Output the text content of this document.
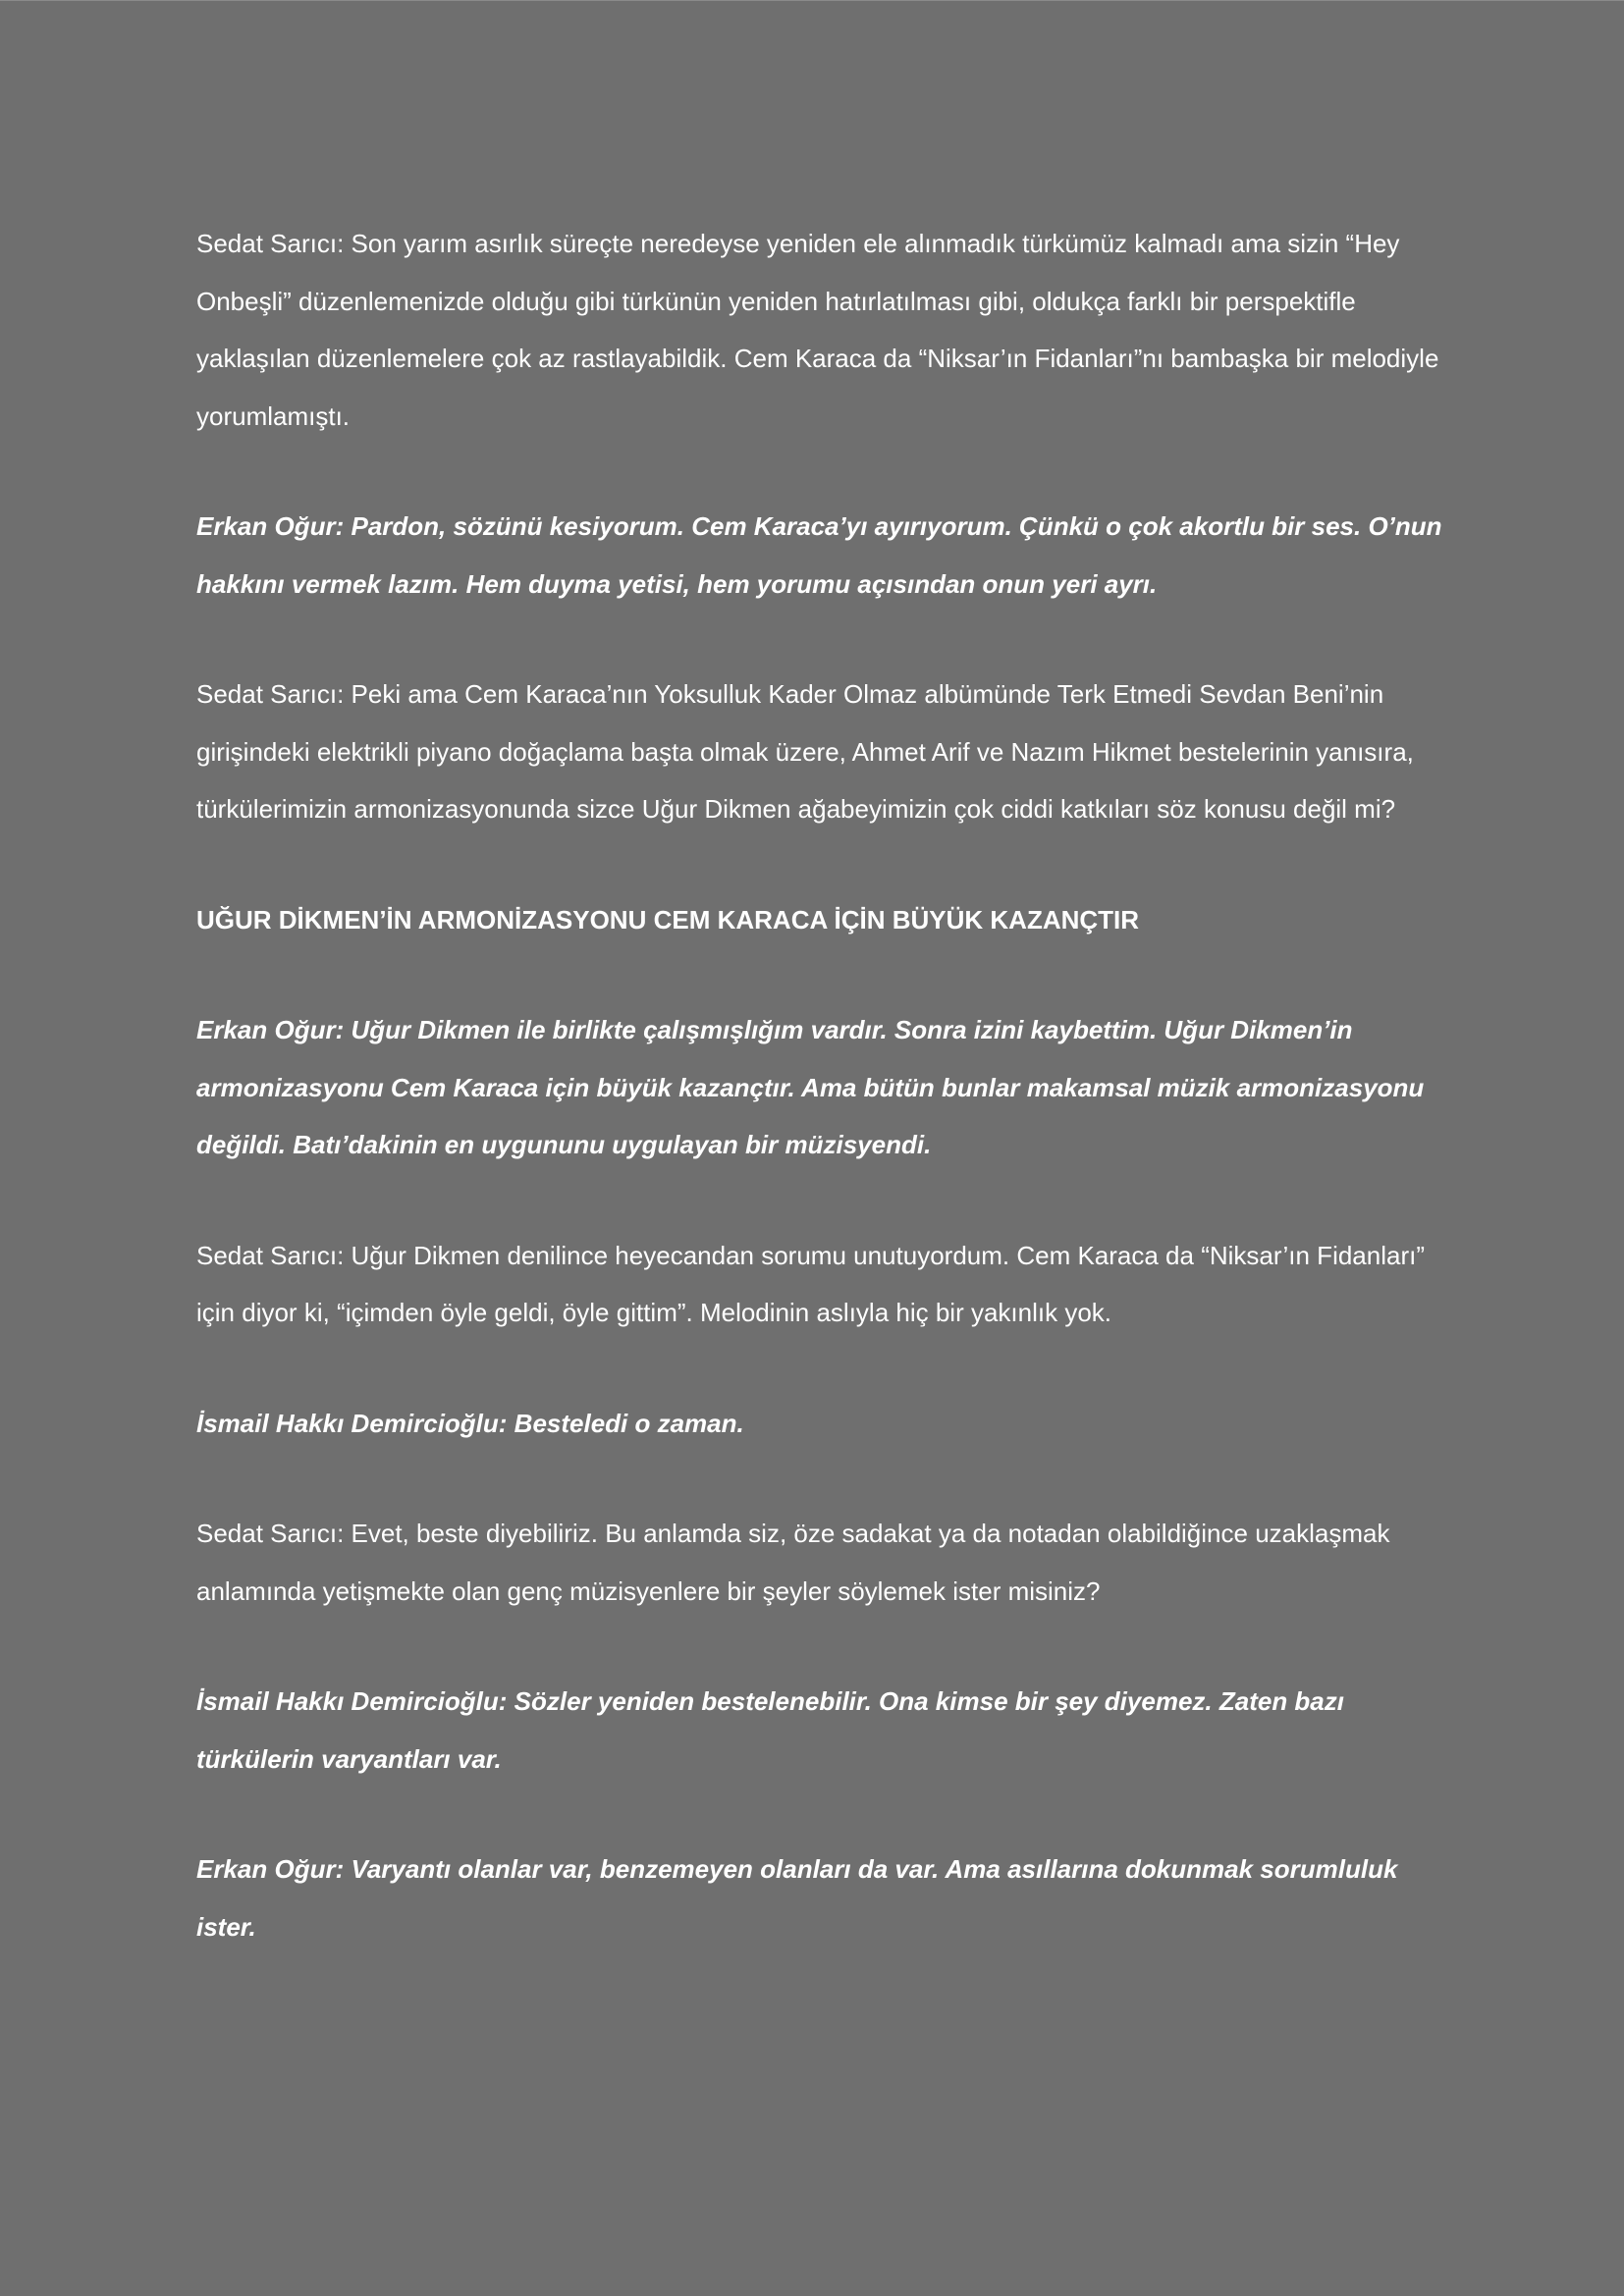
Sedat Sarıcı: Son yarım asırlık süreçte neredeyse yeniden ele alınmadık türkümüz kalmadı ama sizin “Hey Onbeşli” düzenlemenizde olduğu gibi türkünün yeniden hatırlatılması gibi, oldukça farklı bir perspektifle yaklaşılan düzenlemelere çok az rastlayabildik. Cem Karaca da “Niksar’ın Fidanları”nı bambaşka bir melodiyle yorumlamıştı.

Erkan Oğur: Pardon, sözünü kesiyorum. Cem Karaca’yı ayırıyorum. Çünkü o çok akortlu bir ses. O’nun hakkını vermek lazım. Hem duyma yetisi, hem yorumu açısından onun yeri ayrı.

Sedat Sarıcı: Peki ama Cem Karaca’nın Yoksulluk Kader Olmaz albümünde Terk Etmedi Sevdan Beni’nin girişindeki elektrikli piyano doğaçlama başta olmak üzere, Ahmet Arif ve Nazım Hikmet bestelerinin yanısıra, türkülerimizin armonizasyonunda sizce Uğur Dikmen ağabeyimizin çok ciddi katkıları söz konusu değil mi?

UĞUR DİKMEN’İN ARMONİZASYONU CEM KARACA İÇİN BÜYÜK KAZANÇTIR

Erkan Oğur: Uğur Dikmen ile birlikte çalışmışlığım vardır. Sonra izini kaybettim. Uğur Dikmen’in armonizasyonu Cem Karaca için büyük kazançtır. Ama bütün bunlar makamsal müzik armonizasyonu değildi. Batı’dakinin en uygununu uygulayan bir müzisyendi.

Sedat Sarıcı: Uğur Dikmen denilince heyecandan sorumu unutuyordum. Cem Karaca da “Niksar’ın Fidanları” için diyor ki, “içimden öyle geldi, öyle gittim”. Melodinin aslıyla hiç bir yakınlık yok.

İsmail Hakkı Demircioğlu: Besteledi o zaman.

Sedat Sarıcı: Evet, beste diyebiliriz. Bu anlamda siz, öze sadakat ya da notadan olabildiğince uzaklaşmak anlamında yetişmekte olan genç müzisyenlere bir şeyler söylemek ister misiniz?

İsmail Hakkı Demircioğlu: Sözler yeniden bestelenebilir. Ona kimse bir şey diyemez. Zaten bazı türkülerin varyantları var.

Erkan Oğur: Varyantı olanlar var, benzemeyen olanları da var. Ama asıllarına dokunmak sorumluluk ister.
